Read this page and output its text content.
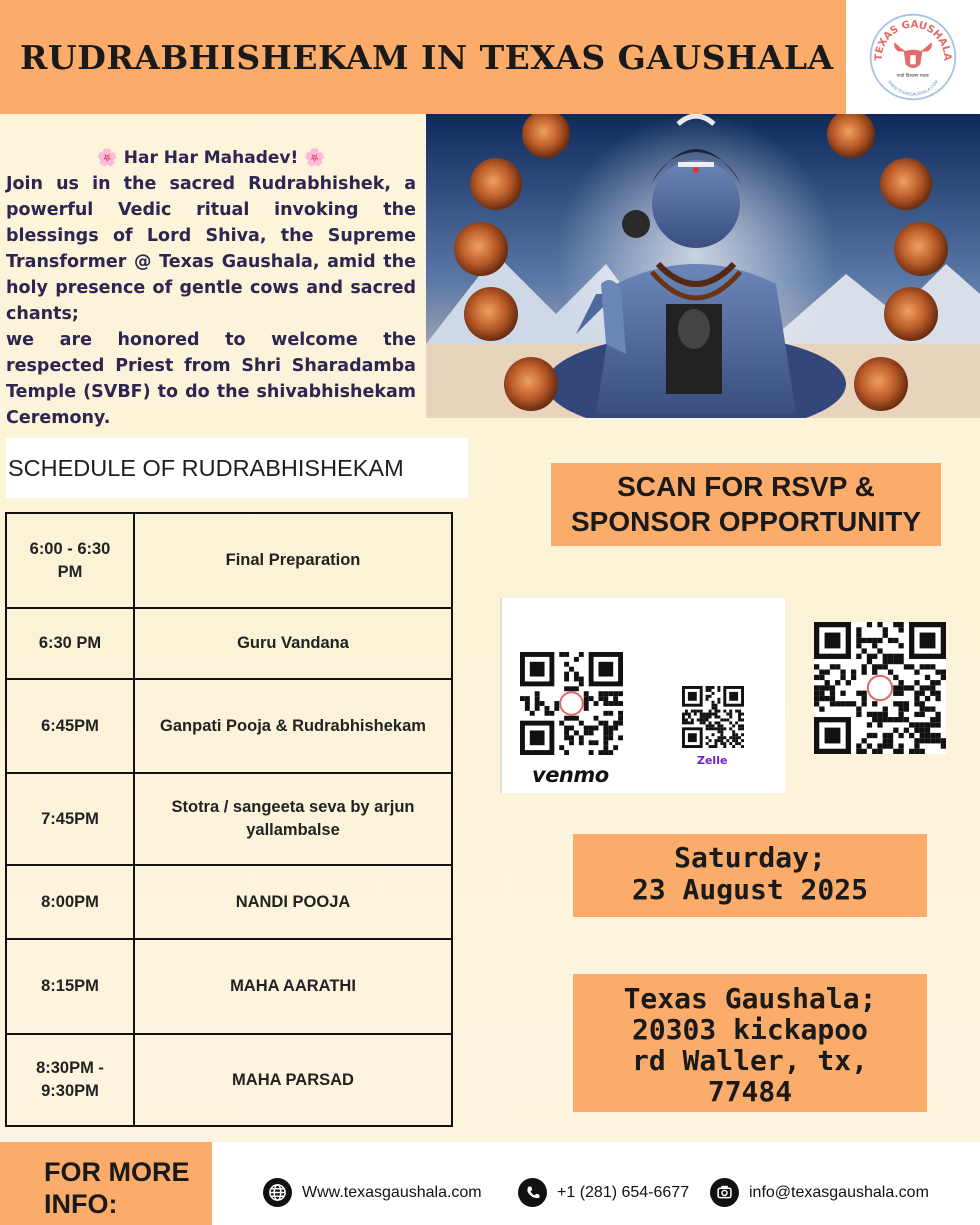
RUDRABHISHEKAM IN TEXAS GAUSHALA	TEXAS GAUSHALA
गावो विश्वस्य मातरः
WWW.TEXASGAUSHALA.COM
🌸 Har Har Mahadev! 🌸
Join us in the sacred Rudrabhishek, a powerful Vedic ritual invoking the blessings of Lord Shiva, the Supreme Transformer @ Texas Gaushala, amid the holy presence of gentle cows and sacred chants;
we are honored to welcome the respected Priest from Shri Sharadamba Temple (SVBF) to do the shivabhishekam Ceremony.
SCHEDULE OF RUDRABHISHEKAM
6:00 - 6:30 PM	Final Preparation
6:30 PM	Guru Vandana
6:45PM	Ganpati Pooja & Rudrabhishekam
7:45PM	Stotra / sangeeta seva by arjun yallambalse
8:00PM	NANDI POOJA
8:15PM	MAHA AARATHI
8:30PM - 9:30PM	MAHA PARSAD
SCAN FOR RSVP &
SPONSOR OPPORTUNITY
venmo
Zelle
Saturday;
23 August 2025
Texas Gaushala;
20303 kickapoo
rd Waller, tx,
77484
FOR MORE
INFO:	Www.texasgaushala.com	+1 (281) 654-6677	info@texasgaushala.com
